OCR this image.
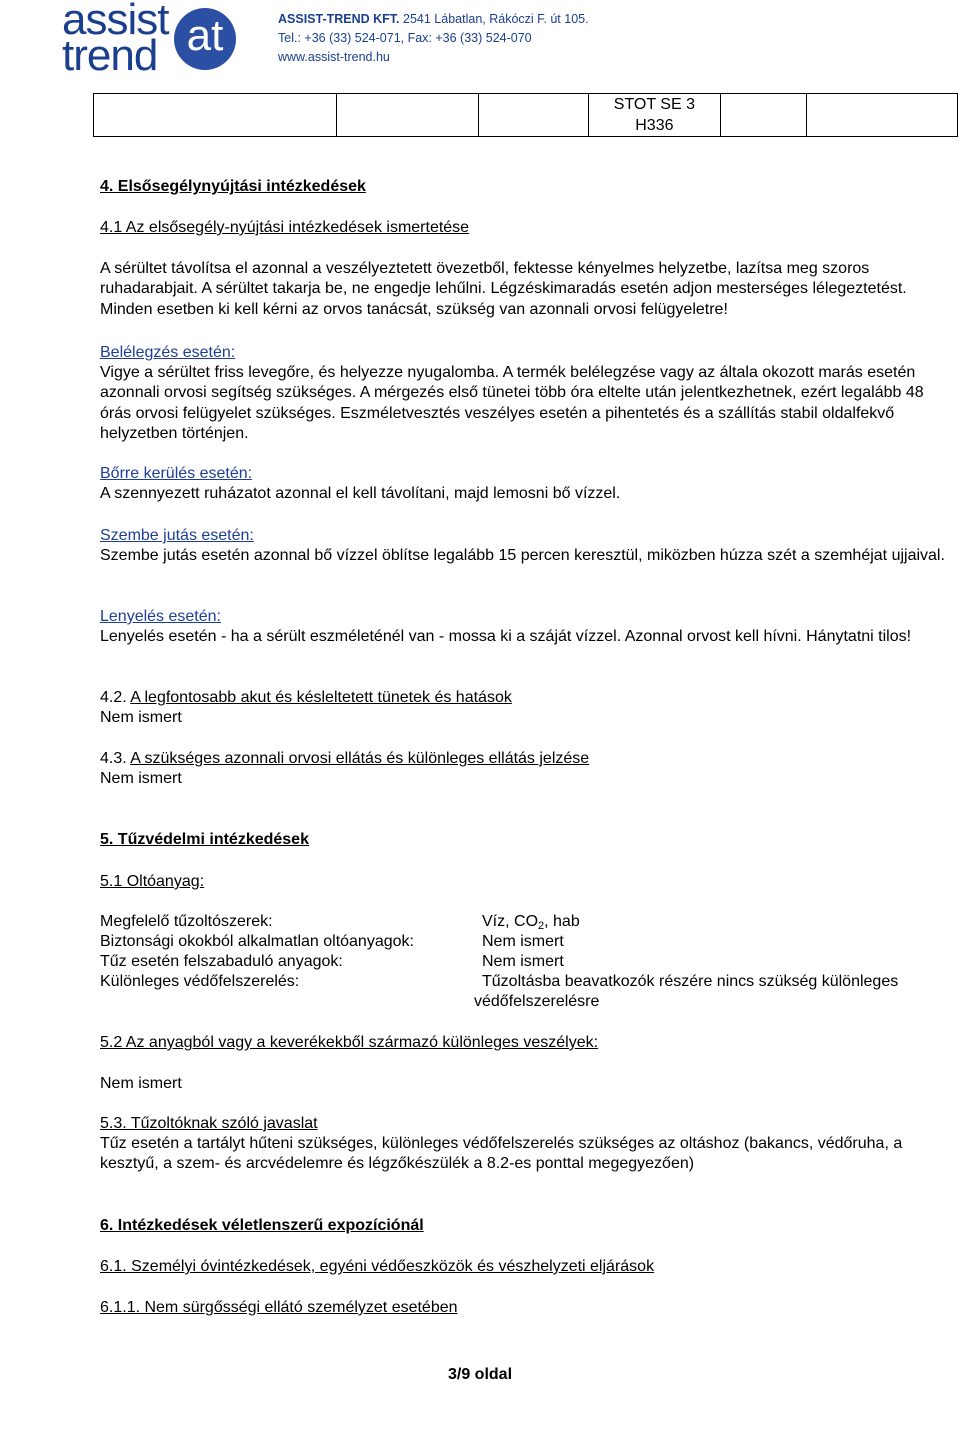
assist
trend at	ASSIST-TREND KFT. 2541 Lábatlan, Rákóczi F. út 105.
Tel.: +36 (33) 524-071, Fax: +36 (33) 524-070
www.assist-trend.hu

STOT SE 3
H336

4. Elsősegélynyújtási intézkedések
4.1 Az elsősegély-nyújtási intézkedések ismertetése
A sérültet távolítsa el azonnal a veszélyeztetett övezetből, fektesse kényelmes helyzetbe, lazítsa meg szoros ruhadarabjait. A sérültet takarja be, ne engedje lehűlni. Légzéskimaradás esetén adjon mesterséges lélegeztetést. Minden esetben ki kell kérni az orvos tanácsát, szükség van azonnali orvosi felügyeletre!
Belélegzés esetén:
Vigye a sérültet friss levegőre, és helyezze nyugalomba. A termék belélegzése vagy az általa okozott marás esetén azonnali orvosi segítség szükséges. A mérgezés első tünetei több óra eltelte után jelentkezhetnek, ezért legalább 48 órás orvosi felügyelet szükséges. Eszméletvesztés veszélyes esetén a pihentetés és a szállítás stabil oldalfekvő helyzetben történjen.
Bőrre kerülés esetén:
A szennyezett ruházatot azonnal el kell távolítani, majd lemosni bő vízzel.
Szembe jutás esetén:
Szembe jutás esetén azonnal bő vízzel öblítse legalább 15 percen keresztül, miközben húzza szét a szemhéjat ujjaival.
Lenyelés esetén:
Lenyelés esetén - ha a sérült eszméleténél van - mossa ki a száját vízzel. Azonnal orvost kell hívni. Hánytatni tilos!
4.2. A legfontosabb akut és késleltetett tünetek és hatások
Nem ismert
4.3. A szükséges azonnali orvosi ellátás és különleges ellátás jelzése
Nem ismert
5. Tűzvédelmi intézkedések
5.1 Oltóanyag:
Megfelelő tűzoltószerek:	Víz, $CO_2$, hab
Biztonsági okokból alkalmatlan oltóanyagok:	Nem ismert
Tűz esetén felszabaduló anyagok:	Nem ismert
Különleges védőfelszerelés:	Tűzoltásba beavatkozók részére nincs szükség különleges védőfelszerelésre
5.2 Az anyagból vagy a keverékekből származó különleges veszélyek:
Nem ismert
5.3. Tűzoltóknak szóló javaslat
Tűz esetén a tartályt hűteni szükséges, különleges védőfelszerelés szükséges az oltáshoz (bakancs, védőruha, a kesztyű, a szem- és arcvédelemre és légzőkészülék a 8.2-es ponttal megegyezően)
6. Intézkedések véletlenszerű expozíciónál
6.1. Személyi óvintézkedések, egyéni védőeszközök és vészhelyzeti eljárások
6.1.1. Nem sürgősségi ellátó személyzet esetében
3/9 oldal
